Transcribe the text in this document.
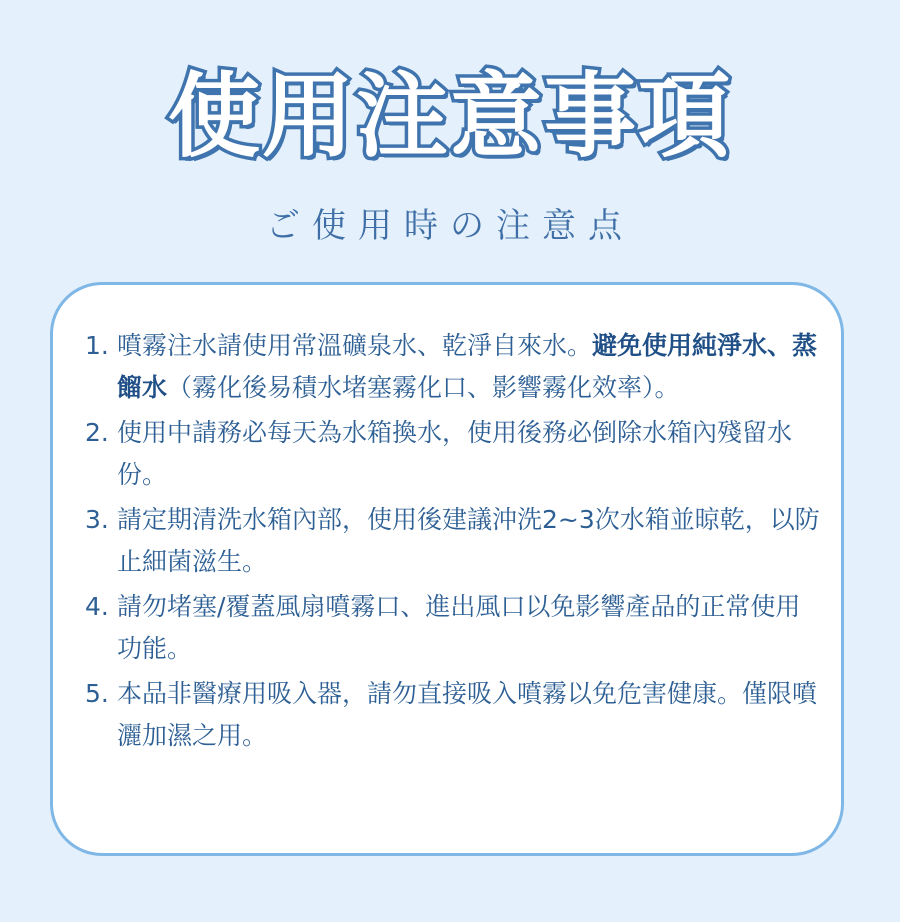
使用注意事項
ご使用時の注意点
1. 噴霧注水請使用常溫礦泉水、乾淨自來水。避免使用純淨水、蒸餾水（霧化後易積水堵塞霧化口、影響霧化效率）。
2. 使用中請務必每天為水箱換水，使用後務必倒除水箱內殘留水份。
3. 請定期清洗水箱內部，使用後建議沖洗2~3次水箱並晾乾，以防止細菌滋生。
4. 請勿堵塞/覆蓋風扇噴霧口、進出風口以免影響產品的正常使用功能。
5. 本品非醫療用吸入器，請勿直接吸入噴霧以免危害健康。僅限噴灑加濕之用。
